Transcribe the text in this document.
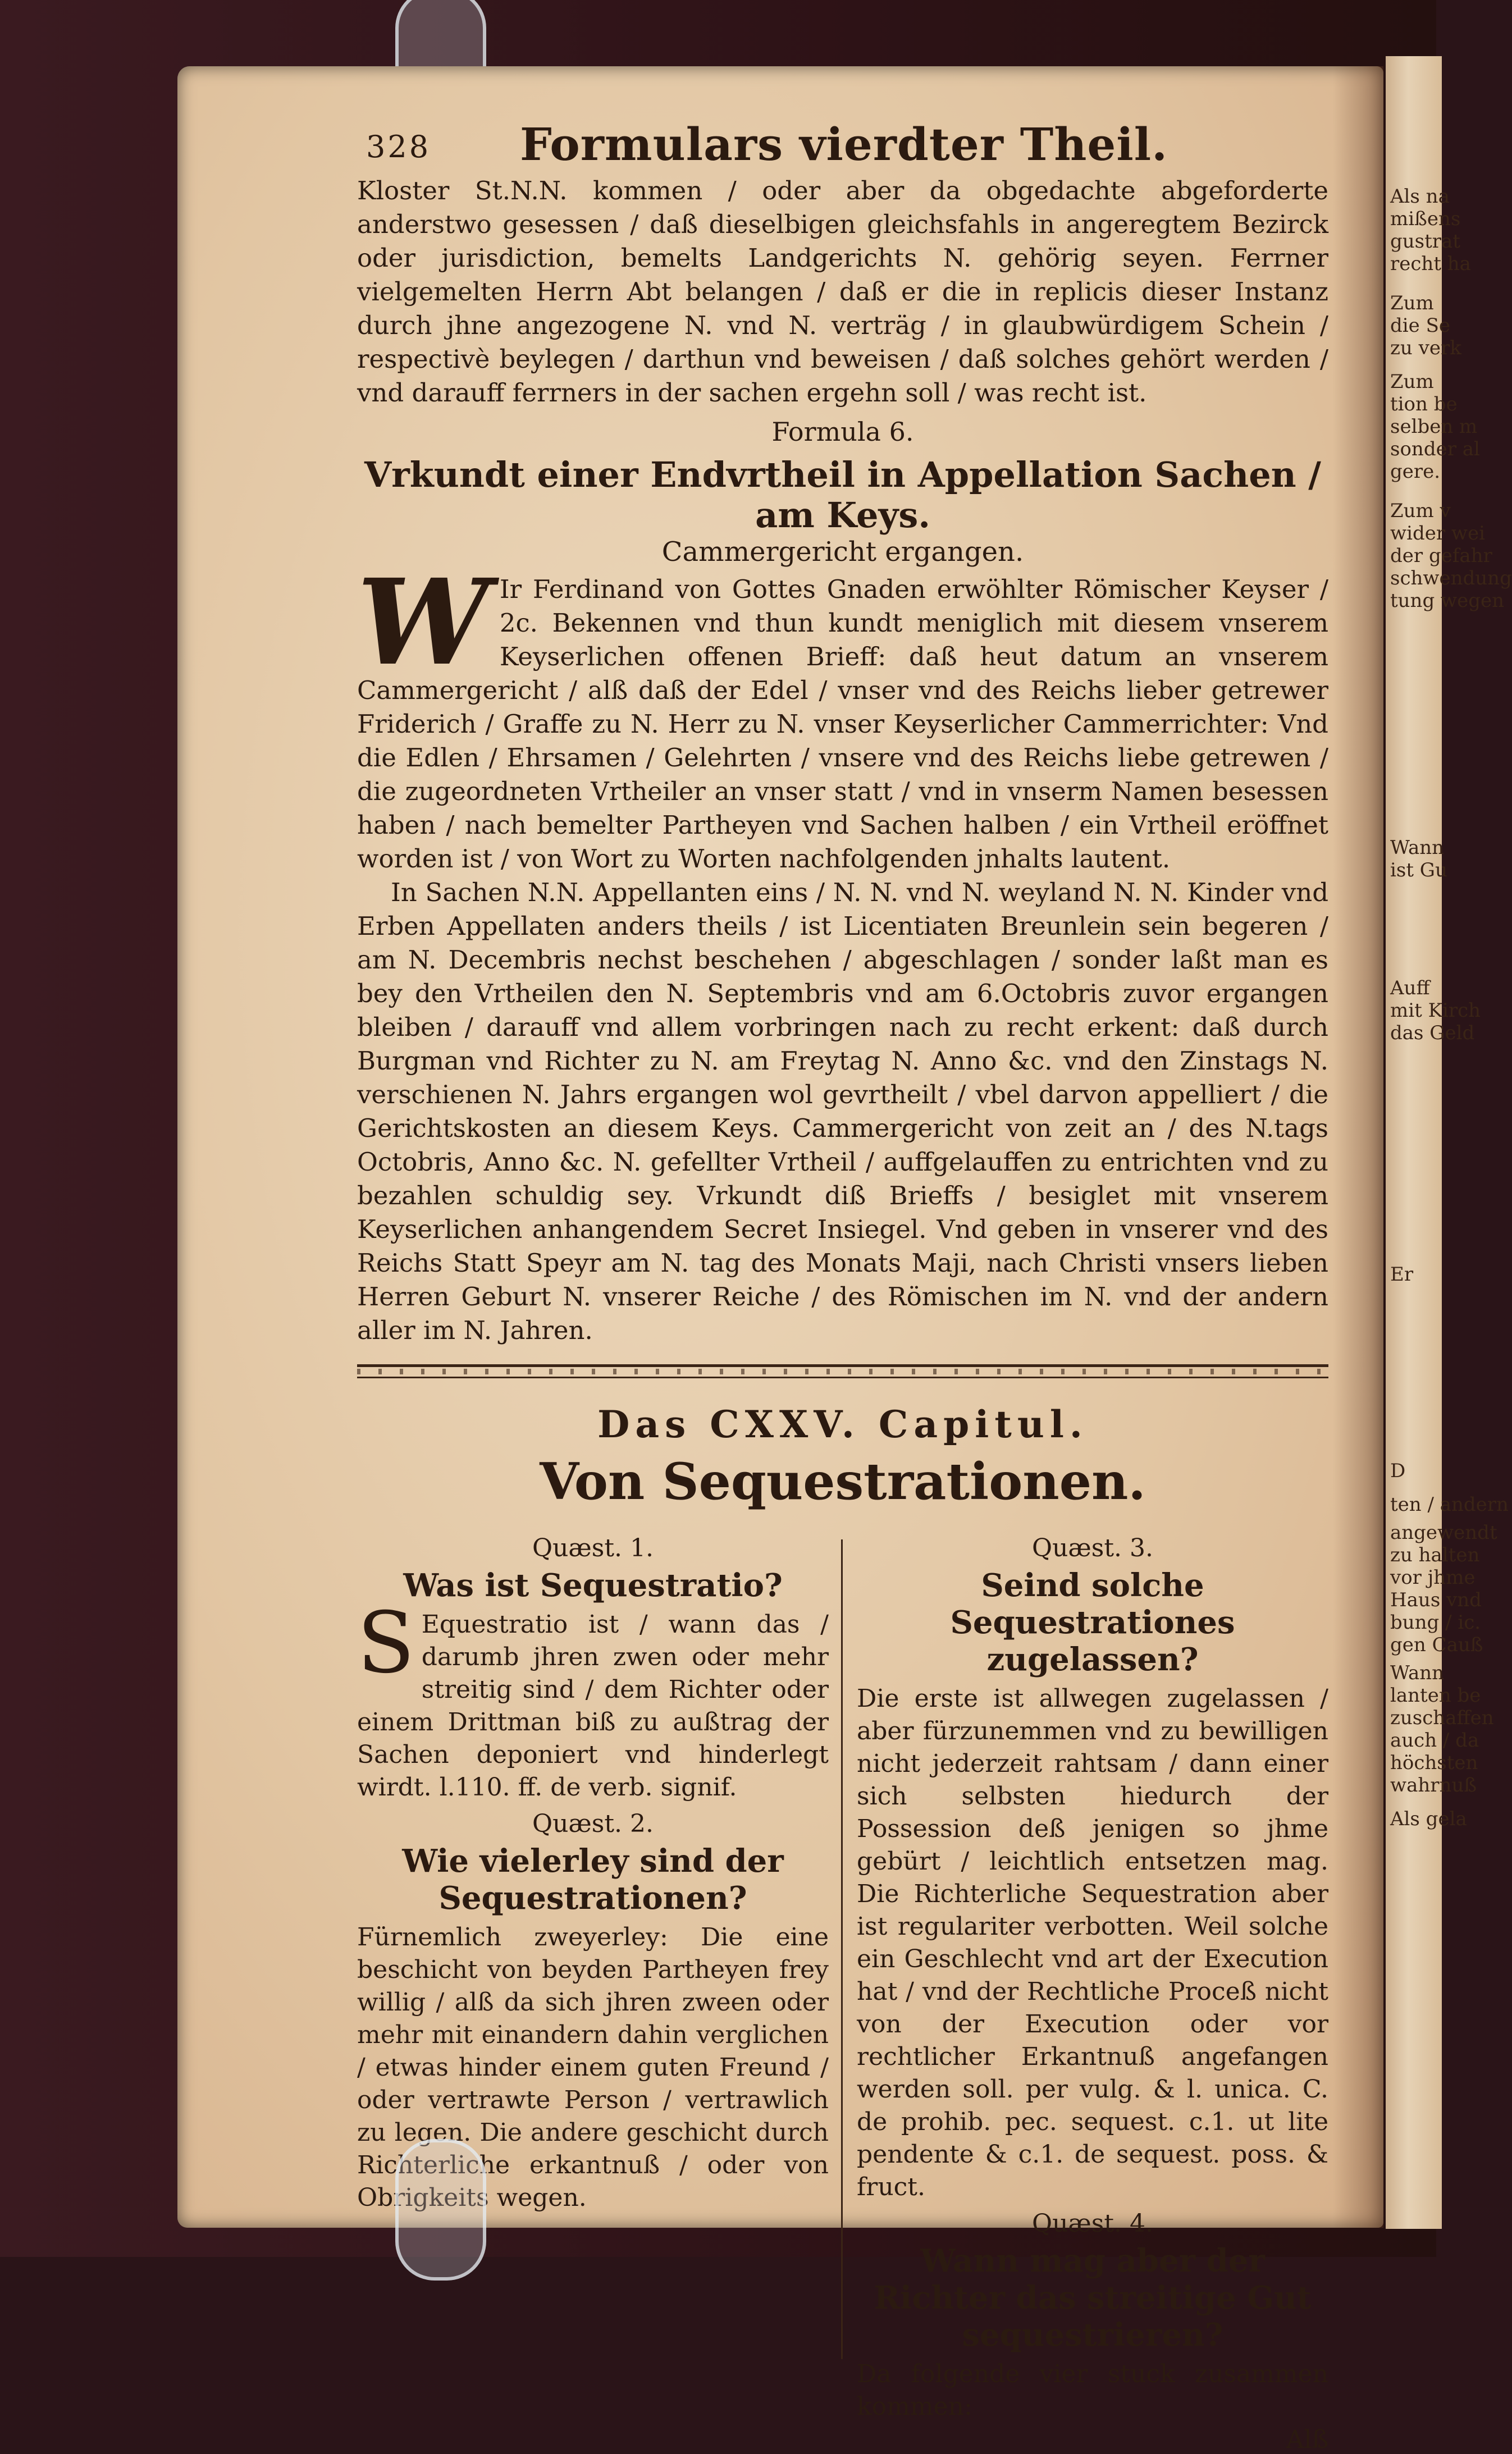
Als na
mißens
gustrat
recht ha
Zum
die Se
zu verk
Zum
tion be
selben m
sonder al
gere.
Zum v
wider wei
der gefahr
schwendung
tung wegen
Wann
ist Gu
Auff
mit Kirch
das Geld
Er
D
ten / andern
angewendt
zu halten
vor jhme
Haus vnd
bung / ic.
gen Cauß
Wann
lanten be
zuschaffen
auch / da
höchsten
wahrnuß
Als gela
328 Formulars vierdter Theil.

Kloster St.N.N. kommen / oder aber da obgedachte abgeforderte anderstwo gesessen / daß dieselbigen gleichsfahls in angeregtem Bezirck oder jurisdiction, bemelts Landgerichts N. gehörig seyen. Ferrner vielgemelten Herrn Abt belangen / daß er die in replicis dieser Instanz durch jhne angezogene N. vnd N. verträg / in glaubwürdigem Schein / respectivè beylegen / darthun vnd beweisen / daß solches gehört werden / vnd darauff ferrners in der sachen ergehn soll / was recht ist.

Formula 6.
Vrkundt einer Endvrtheil in Appellation Sachen / am Keys.
Cammergericht ergangen.
W Ir Ferdinand von Gottes Gnaden erwöhlter Römischer Keyser / 2c. Bekennen vnd thun kundt meniglich mit diesem vnserem Keyserlichen offenen Brieff: daß heut datum an vnserem Cammergericht / alß daß der Edel / vnser vnd des Reichs lieber getrewer Friderich / Graffe zu N. Herr zu N. vnser Keyserlicher Cammerrichter: Vnd die Edlen / Ehrsamen / Gelehrten / vnsere vnd des Reichs liebe getrewen / die zugeordneten Vrtheiler an vnser statt / vnd in vnserm Namen besessen haben / nach bemelter Partheyen vnd Sachen halben / ein Vrtheil eröffnet worden ist / von Wort zu Worten nachfolgenden jnhalts lautent.

In Sachen N.N. Appellanten eins / N. N. vnd N. weyland N. N. Kinder vnd Erben Appellaten anders theils / ist Licentiaten Breunlein sein begeren / am N. Decembris nechst beschehen / abgeschlagen / sonder laßt man es bey den Vrtheilen den N. Septembris vnd am 6.Octobris zuvor ergangen bleiben / darauff vnd allem vorbringen nach zu recht erkent: daß durch Burgman vnd Richter zu N. am Freytag N. Anno &c. vnd den Zinstags N. verschienen N. Jahrs ergangen wol gevrtheilt / vbel darvon appelliert / die Gerichtskosten an diesem Keys. Cammergericht von zeit an / des N.tags Octobris, Anno &c. N. gefellter Vrtheil / auffgelauffen zu entrichten vnd zu bezahlen schuldig sey. Vrkundt diß Brieffs / besiglet mit vnserem Keyserlichen anhangendem Secret Insiegel. Vnd geben in vnserer vnd des Reichs Statt Speyr am N. tag des Monats Maji, nach Christi vnsers lieben Herren Geburt N. vnserer Reiche / des Römischen im N. vnd der andern aller im N. Jahren.

Das CXXV. Capitul.
Von Sequestrationen.
Quæst. 1.
Was ist Sequestratio?
S Equestratio ist / wann das / darumb jhren zwen oder mehr streitig sind / dem Richter oder einem Drittman biß zu außtrag der Sachen deponiert vnd hinderlegt wirdt. l.110. ff. de verb. signif.

Quæst. 2.
Wie vielerley sind der Sequestrationen?

Fürnemlich zweyerley: Die eine beschicht von beyden Partheyen frey willig / alß da sich jhren zween oder mehr mit einandern dahin verglichen / etwas hinder einem guten Freund / oder vertrawte Person / vertrawlich zu legen. Die andere geschicht durch Richterliche erkantnuß / oder von Obrigkeits wegen.

Quæst. 3.
Seind solche Sequestrationes zugelassen?

Die erste ist allwegen zugelassen / aber fürzunemmen vnd zu bewilligen nicht jederzeit rahtsam / dann einer sich selbsten hiedurch der Possession deß jenigen so jhme gebürt / leichtlich entsetzen mag. Die Richterliche Sequestration aber ist regulariter verbotten. Weil solche ein Geschlecht vnd art der Execution hat / vnd der Rechtliche Proceß nicht von der Execution oder vor rechtlicher Erkantnuß angefangen werden soll. per vulg. & l. unica. C. de prohib. pec. sequest. c.1. ut lite pendente & c.1. de sequest. poss. & fruct.

Quæst. 4.
Wann mag aber der Richter das streitige Gut sequestrieren?

Da folgende vier stuck zusammen kommen:

Alß
